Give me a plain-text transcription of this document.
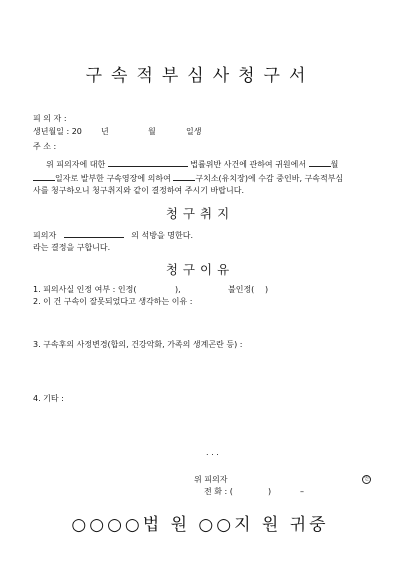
구속적부심사청구서
피 의 자 :
생년월일 : 20 년	월	일생
주 소 :
위 피의자에 대한	법률위반 사건에 관하여 귀원에서	월
일자로 발부한 구속영장에 의하여	구치소(유치장)에 수감 중인바, 구속적부심
사를 청구하오니 청구취지와 같이 결정하여 주시기 바랍니다.
청구취지
피의자	의 석방을 명한다.
라는 결정을 구합니다.
청구이유
1. 피의사실 인정 여부 : 인정(	),	불인정( )
2. 이 건 구속이 잘못되었다고 생각하는 이유 :
3. 구속후의 사정변경(합의, 건강악화, 가족의 생계곤란 등) :
4. 기타 :
. . .
위 피의자	인
전 화 : (	)	–
○○○○법 원 ○○지 원 귀중
